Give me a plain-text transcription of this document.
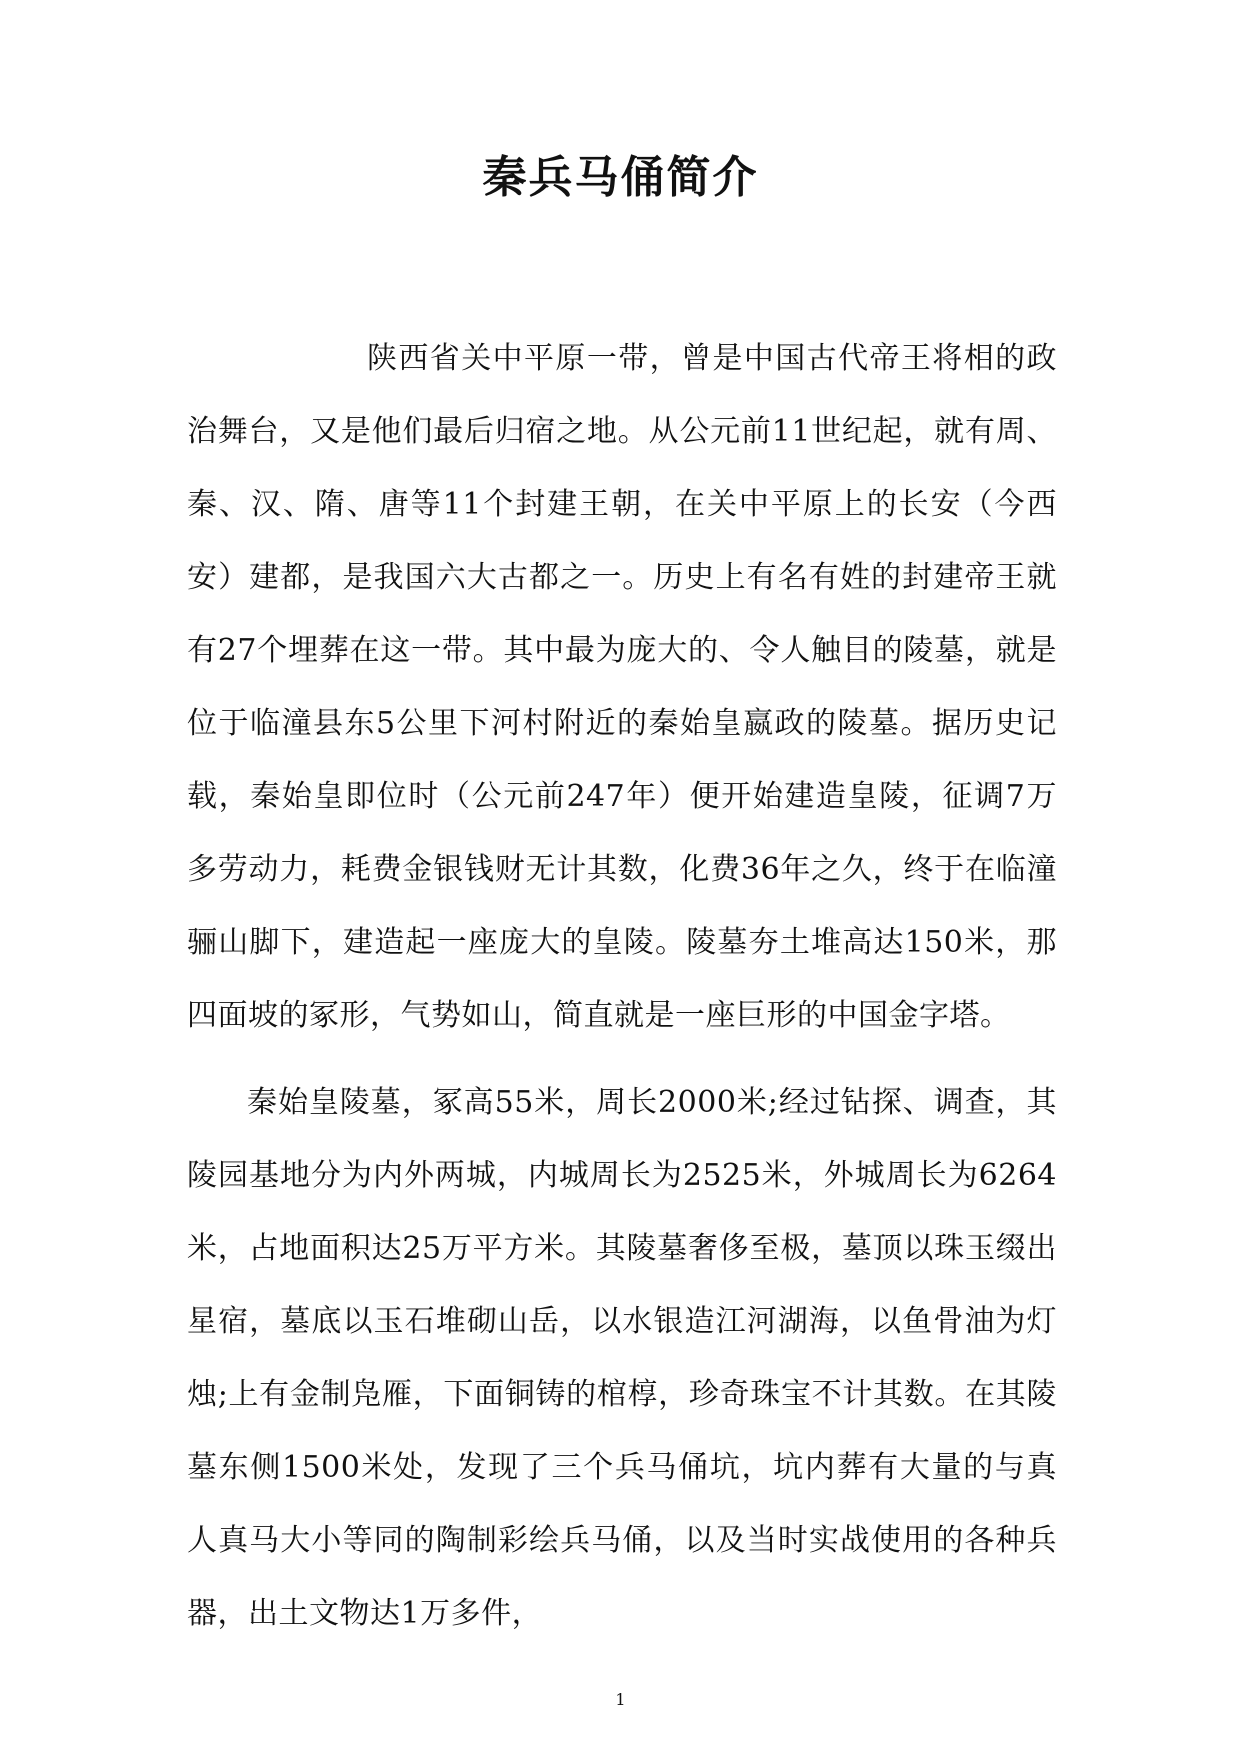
秦兵马俑简介

陕西省关中平原一带，曾是中国古代帝王将相的政治舞台，又是他们最后归宿之地。从公元前11世纪起，就有周、秦、汉、隋、唐等11个封建王朝，在关中平原上的长安（今西安）建都，是我国六大古都之一。历史上有名有姓的封建帝王就有27个埋葬在这一带。其中最为庞大的、令人触目的陵墓，就是位于临潼县东5公里下河村附近的秦始皇嬴政的陵墓。据历史记载，秦始皇即位时（公元前247年）便开始建造皇陵，征调7万多劳动力，耗费金银钱财无计其数，化费36年之久，终于在临潼骊山脚下，建造起一座庞大的皇陵。陵墓夯土堆高达150米，那四面坡的冢形，气势如山，简直就是一座巨形的中国金字塔。

秦始皇陵墓，冢高55米，周长2000米;经过钻探、调查，其陵园基地分为内外两城，内城周长为2525米，外城周长为6264米，占地面积达25万平方米。其陵墓奢侈至极，墓顶以珠玉缀出星宿，墓底以玉石堆砌山岳，以水银造江河湖海，以鱼骨油为灯烛;上有金制凫雁，下面铜铸的棺椁，珍奇珠宝不计其数。在其陵墓东侧1500米处，发现了三个兵马俑坑，坑内葬有大量的与真人真马大小等同的陶制彩绘兵马俑，以及当时实战使用的各种兵器，出土文物达1万多件，

1
